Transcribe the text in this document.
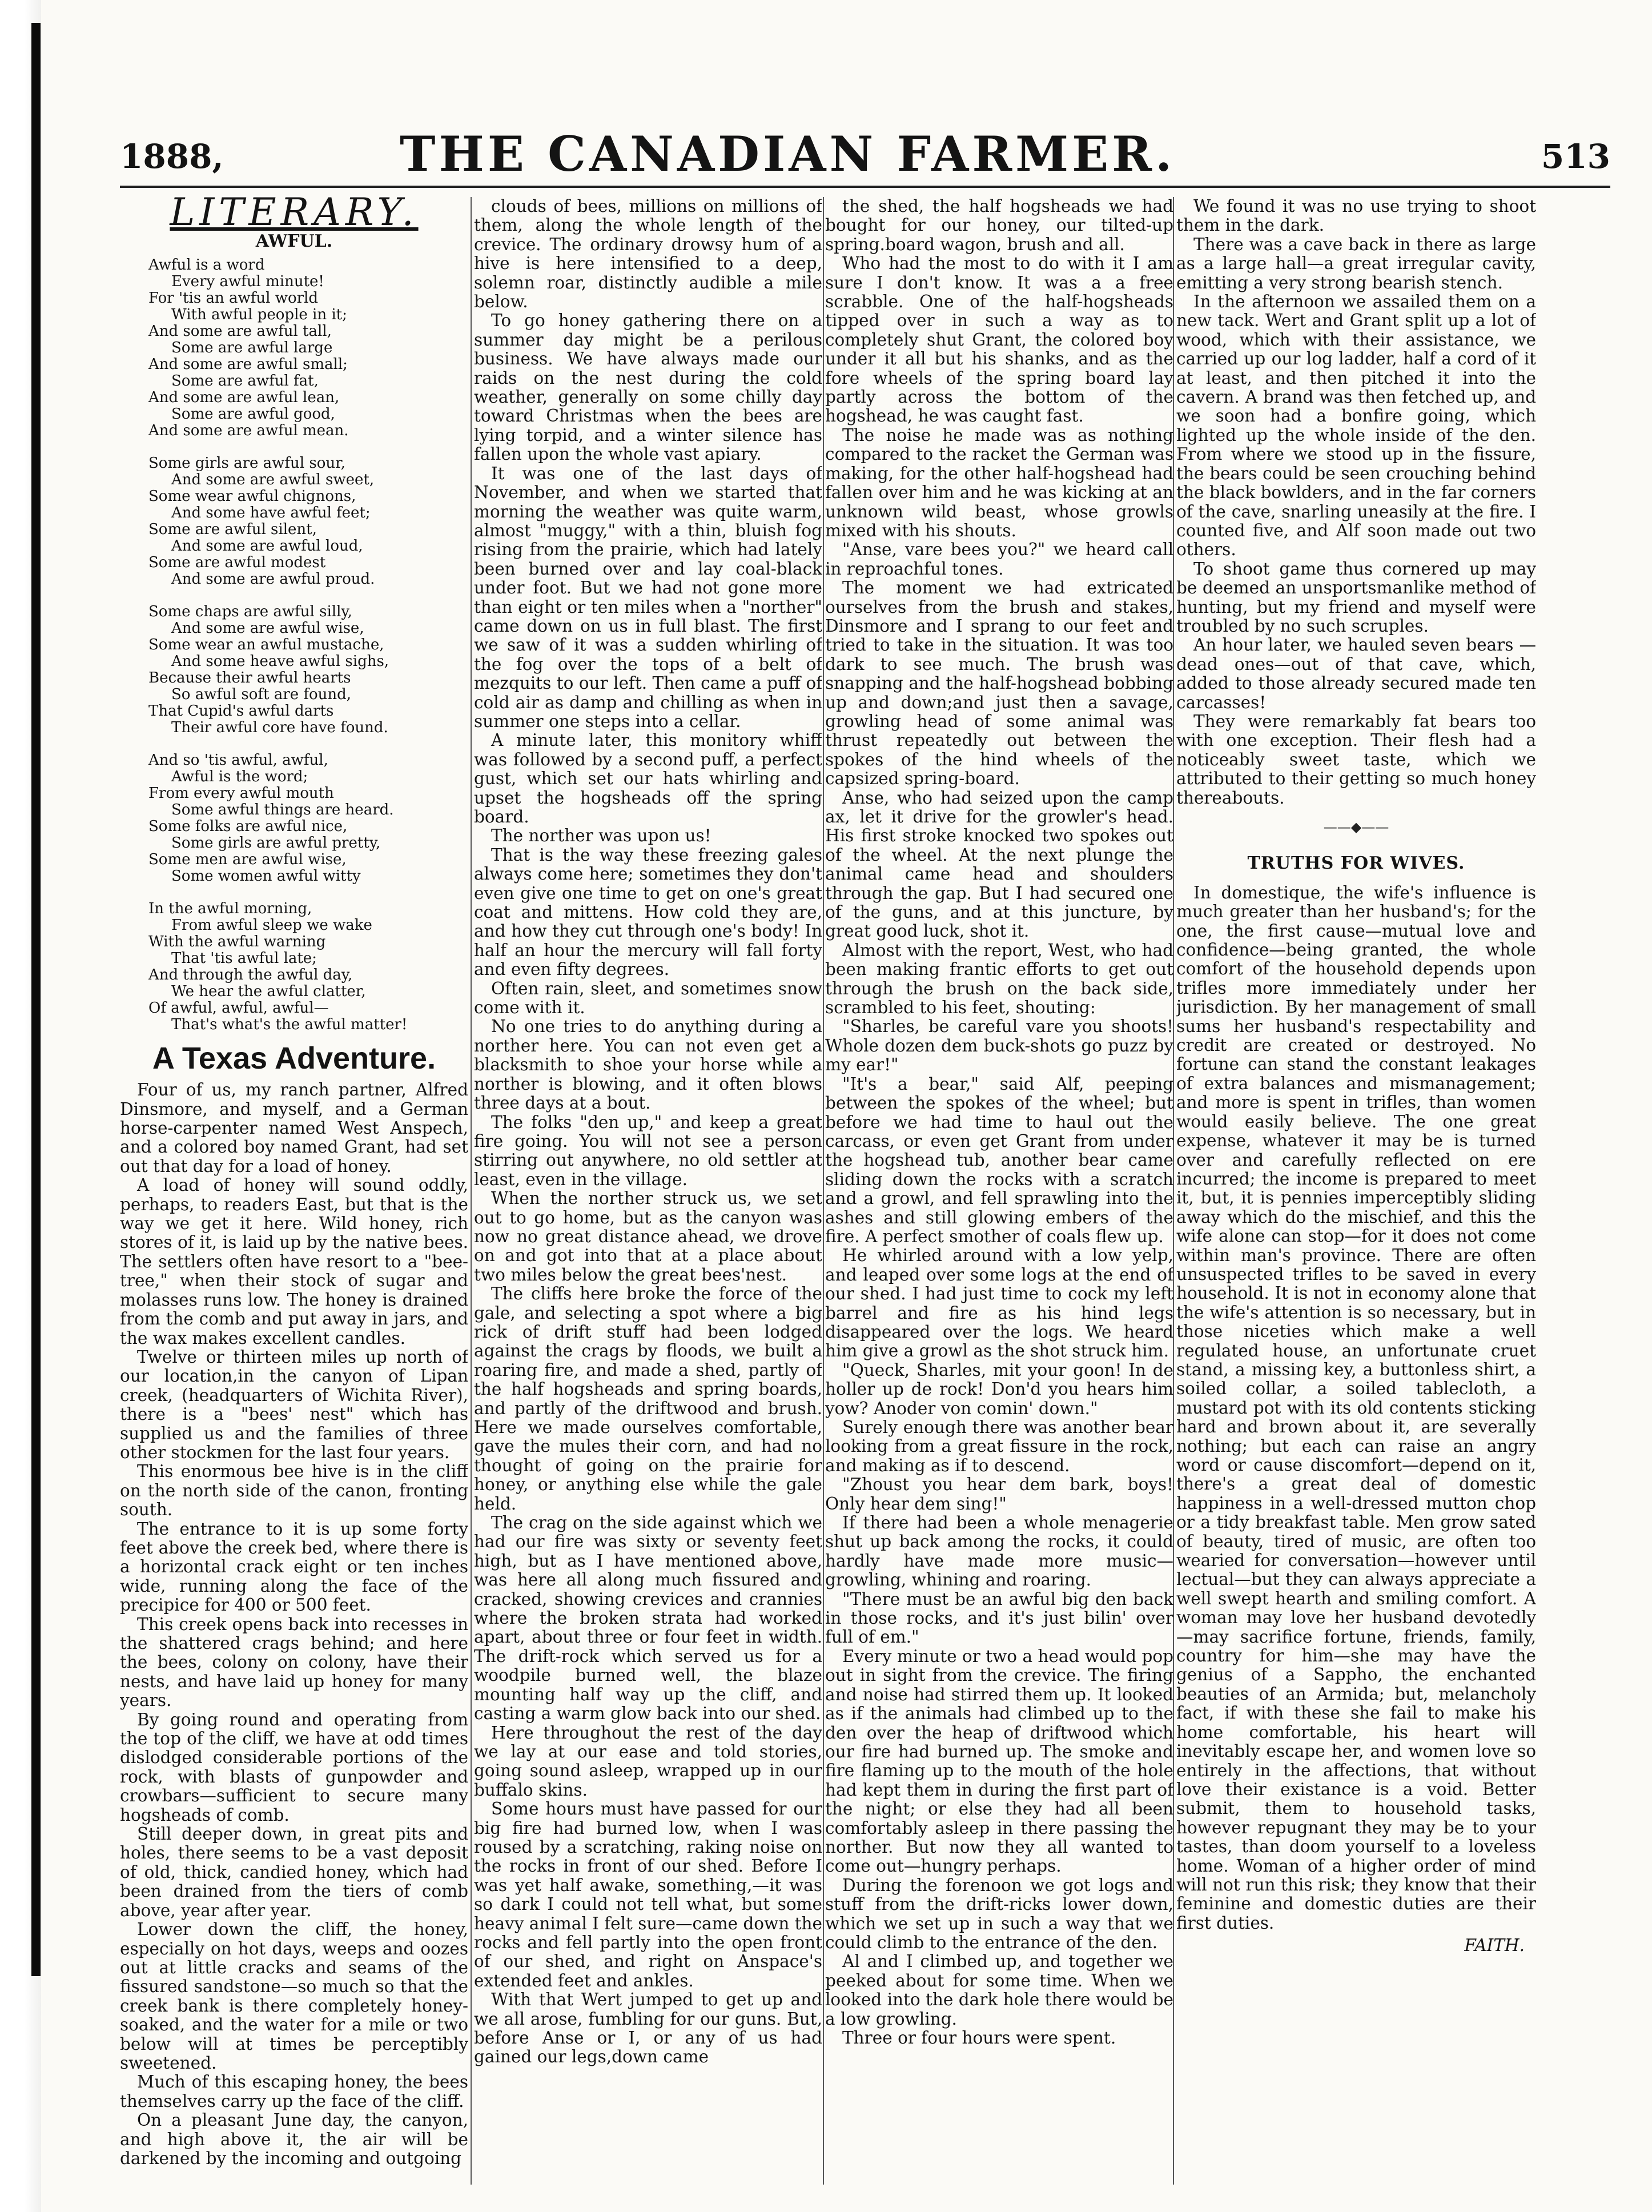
1888,	THE CANADIAN FARMER.	513
LITERARY.
AWFUL.
Awful is a word
Every awful minute!
For 'tis an awful world
With awful people in it;
And some are awful tall,
Some are awful large
And some are awful small;
Some are awful fat,
And some are awful lean,
Some are awful good,
And some are awful mean.
Some girls are awful sour,
And some are awful sweet,
Some wear awful chignons,
And some have awful feet;
Some are awful silent,
And some are awful loud,
Some are awful modest
And some are awful proud.
Some chaps are awful silly,
And some are awful wise,
Some wear an awful mustache,
And some heave awful sighs,
Because their awful hearts
So awful soft are found,
That Cupid's awful darts
Their awful core have found.
And so 'tis awful, awful,
Awful is the word;
From every awful mouth
Some awful things are heard.
Some folks are awful nice,
Some girls are awful pretty,
Some men are awful wise,
Some women awful witty
In the awful morning,
From awful sleep we wake
With the awful warning
That 'tis awful late;
And through the awful day,
We hear the awful clatter,
Of awful, awful, awful—
That's what's the awful matter!
A Texas Adventure.

Four of us, my ranch partner, Alfred Dinsmore, and myself, and a German horse-carpenter named West Anspech, and a colored boy named Grant, had set out that day for a load of honey.

A load of honey will sound oddly, perhaps, to readers East, but that is the way we get it here. Wild honey, rich stores of it, is laid up by the native bees. The settlers often have resort to a "bee-tree," when their stock of sugar and molasses runs low. The honey is drained from the comb and put away in jars, and the wax makes excellent candles.

Twelve or thirteen miles up north of our location,in the canyon of Lipan creek, (headquarters of Wichita River), there is a "bees' nest" which has supplied us and the families of three other stockmen for the last four years.

This enormous bee hive is in the cliff on the north side of the canon, fronting south.

The entrance to it is up some forty feet above the creek bed, where there is a horizontal crack eight or ten inches wide, running along the face of the precipice for 400 or 500 feet.

This creek opens back into recesses in the shattered crags behind; and here the bees, colony on colony, have their nests, and have laid up honey for many years.

By going round and operating from the top of the cliff, we have at odd times dislodged considerable portions of the rock, with blasts of gunpowder and crowbars—sufficient to secure many hogsheads of comb.

Still deeper down, in great pits and holes, there seems to be a vast deposit of old, thick, candied honey, which had been drained from the tiers of comb above, year after year.

Lower down the cliff, the honey, especially on hot days, weeps and oozes out at little cracks and seams of the fissured sandstone—so much so that the creek bank is there completely honey-soaked, and the water for a mile or two below will at times be perceptibly sweetened.

Much of this escaping honey, the bees themselves carry up the face of the cliff.

On a pleasant June day, the canyon, and high above it, the air will be darkened by the incoming and outgoing

clouds of bees, millions on millions of them, along the whole length of the crevice. The ordinary drowsy hum of a hive is here intensified to a deep, solemn roar, distinctly audible a mile below.

To go honey gathering there on a summer day might be a perilous business. We have always made our raids on the nest during the cold weather, generally on some chilly day toward Christmas when the bees are lying torpid, and a winter silence has fallen upon the whole vast apiary.

It was one of the last days of November, and when we started that morning the weather was quite warm, almost "muggy," with a thin, bluish fog rising from the prairie, which had lately been burned over and lay coal-black under foot. But we had not gone more than eight or ten miles when a "norther" came down on us in full blast. The first we saw of it was a sudden whirling of the fog over the tops of a belt of mezquits to our left. Then came a puff of cold air as damp and chilling as when in summer one steps into a cellar.

A minute later, this monitory whiff was followed by a second puff, a perfect gust, which set our hats whirling and upset the hogsheads off the spring board.

The norther was upon us!

That is the way these freezing gales always come here; sometimes they don't even give one time to get on one's great coat and mittens. How cold they are, and how they cut through one's body! In half an hour the mercury will fall forty and even fifty degrees.

Often rain, sleet, and sometimes snow come with it.

No one tries to do anything during a norther here. You can not even get a blacksmith to shoe your horse while a norther is blowing, and it often blows three days at a bout.

The folks "den up," and keep a great fire going. You will not see a person stirring out anywhere, no old settler at least, even in the village.

When the norther struck us, we set out to go home, but as the canyon was now no great distance ahead, we drove on and got into that at a place about two miles below the great bees'nest.

The cliffs here broke the force of the gale, and selecting a spot where a big rick of drift stuff had been lodged against the crags by floods, we built a roaring fire, and made a shed, partly of the half hogsheads and spring boards, and partly of the driftwood and brush. Here we made ourselves comfortable, gave the mules their corn, and had no thought of going on the prairie for honey, or anything else while the gale held.

The crag on the side against which we had our fire was sixty or seventy feet high, but as I have mentioned above, was here all along much fissured and cracked, showing crevices and crannies where the broken strata had worked apart, about three or four feet in width. The drift-rock which served us for a woodpile burned well, the blaze mounting half way up the cliff, and casting a warm glow back into our shed.

Here throughout the rest of the day we lay at our ease and told stories, going sound asleep, wrapped up in our buffalo skins.

Some hours must have passed for our big fire had burned low, when I was roused by a scratching, raking noise on the rocks in front of our shed. Before I was yet half awake, something,—it was so dark I could not tell what, but some heavy animal I felt sure—came down the rocks and fell partly into the open front of our shed, and right on Anspace's extended feet and ankles.

With that Wert jumped to get up and we all arose, fumbling for our guns. But, before Anse or I, or any of us had gained our legs,down came

the shed, the half hogsheads we had bought for our honey, our tilted-up spring.board wagon, brush and all.

Who had the most to do with it I am sure I don't know. It was a a free scrabble. One of the half-hogsheads tipped over in such a way as to completely shut Grant, the colored boy under it all but his shanks, and as the fore wheels of the spring board lay partly across the bottom of the hogshead, he was caught fast.

The noise he made was as nothing compared to the racket the German was making, for the other half-hogshead had fallen over him and he was kicking at an unknown wild beast, whose growls mixed with his shouts.

"Anse, vare bees you?" we heard call in reproachful tones.

The moment we had extricated ourselves from the brush and stakes, Dinsmore and I sprang to our feet and tried to take in the situation. It was too dark to see much. The brush was snapping and the half-hogshead bobbing up and down;and just then a savage, growling head of some animal was thrust repeatedly out between the spokes of the hind wheels of the capsized spring-board.

Anse, who had seized upon the camp ax, let it drive for the growler's head. His first stroke knocked two spokes out of the wheel. At the next plunge the animal came head and shoulders through the gap. But I had secured one of the guns, and at this juncture, by great good luck, shot it.

Almost with the report, West, who had been making frantic efforts to get out through the brush on the back side, scrambled to his feet, shouting:

"Sharles, be careful vare you shoots! Whole dozen dem buck-shots go puzz by my ear!"

"It's a bear," said Alf, peeping between the spokes of the wheel; but before we had time to haul out the carcass, or even get Grant from under the hogshead tub, another bear came sliding down the rocks with a scratch and a growl, and fell sprawling into the ashes and still glowing embers of the fire. A perfect smother of coals flew up.

He whirled around with a low yelp, and leaped over some logs at the end of our shed. I had just time to cock my left barrel and fire as his hind legs disappeared over the logs. We heard him give a growl as the shot struck him.

"Queck, Sharles, mit your goon! In de holler up de rock! Don'd you hears him yow? Anoder von comin' down."

Surely enough there was another bear looking from a great fissure in the rock, and making as if to descend.

"Zhoust you hear dem bark, boys! Only hear dem sing!"

If there had been a whole menagerie shut up back among the rocks, it could hardly have made more music—growling, whining and roaring.

"There must be an awful big den back in those rocks, and it's just bilin' over full of em."

Every minute or two a head would pop out in sight from the crevice. The firing and noise had stirred them up. It looked as if the animals had climbed up to the den over the heap of driftwood which our fire had burned up. The smoke and fire flaming up to the mouth of the hole had kept them in during the first part of the night; or else they had all been comfortably asleep in there passing the norther. But now they all wanted to come out—hungry perhaps.

During the forenoon we got logs and stuff from the drift-ricks lower down, which we set up in such a way that we could climb to the entrance of the den.

Al and I climbed up, and together we peeked about for some time. When we looked into the dark hole there would be a low growling.

Three or four hours were spent.

We found it was no use trying to shoot them in the dark.

There was a cave back in there as large as a large hall—a great irregular cavity, emitting a very strong bearish stench.

In the afternoon we assailed them on a new tack. Wert and Grant split up a lot of wood, which with their assistance, we carried up our log ladder, half a cord of it at least, and then pitched it into the cavern. A brand was then fetched up, and we soon had a bonfire going, which lighted up the whole inside of the den. From where we stood up in the fissure, the bears could be seen crouching behind the black bowlders, and in the far corners of the cave, snarling uneasily at the fire. I counted five, and Alf soon made out two others.

To shoot game thus cornered up may be deemed an unsportsmanlike method of hunting, but my friend and myself were troubled by no such scruples.

An hour later, we hauled seven bears —dead ones—out of that cave, which, added to those already secured made ten carcasses!

They were remarkably fat bears too with one exception. Their flesh had a noticeably sweet taste, which we attributed to their getting so much honey thereabouts.

——◆——
TRUTHS FOR WIVES.

In domestique, the wife's influence is much greater than her husband's; for the one, the first cause—mutual love and confidence—being granted, the whole comfort of the household depends upon trifles more immediately under her jurisdiction. By her management of small sums her husband's respectability and credit are created or destroyed. No fortune can stand the constant leakages of extra balances and mismanagement; and more is spent in trifles, than women would easily believe. The one great expense, whatever it may be is turned over and carefully reflected on ere incurred; the income is prepared to meet it, but, it is pennies imperceptibly sliding away which do the mischief, and this the wife alone can stop—for it does not come within man's province. There are often unsuspected trifles to be saved in every household. It is not in economy alone that the wife's attention is so necessary, but in those niceties which make a well regulated house, an unfortunate cruet stand, a missing key, a buttonless shirt, a soiled collar, a soiled tablecloth, a mustard pot with its old contents sticking hard and brown about it, are severally nothing; but each can raise an angry word or cause discomfort—depend on it, there's a great deal of domestic happiness in a well-dressed mutton chop or a tidy breakfast table. Men grow sated of beauty, tired of music, are often too wearied for conversation—however until lectual—but they can always appreciate a well swept hearth and smiling comfort. A woman may love her husband devotedly—may sacrifice fortune, friends, family, country for him—she may have the genius of a Sappho, the enchanted beauties of an Armida; but, melancholy fact, if with these she fail to make his home comfortable, his heart will inevitably escape her, and women love so entirely in the affections, that without love their existance is a void. Better submit, them to household tasks, however repugnant they may be to your tastes, than doom yourself to a loveless home. Woman of a higher order of mind will not run this risk; they know that their feminine and domestic duties are their first duties.

FAITH.
